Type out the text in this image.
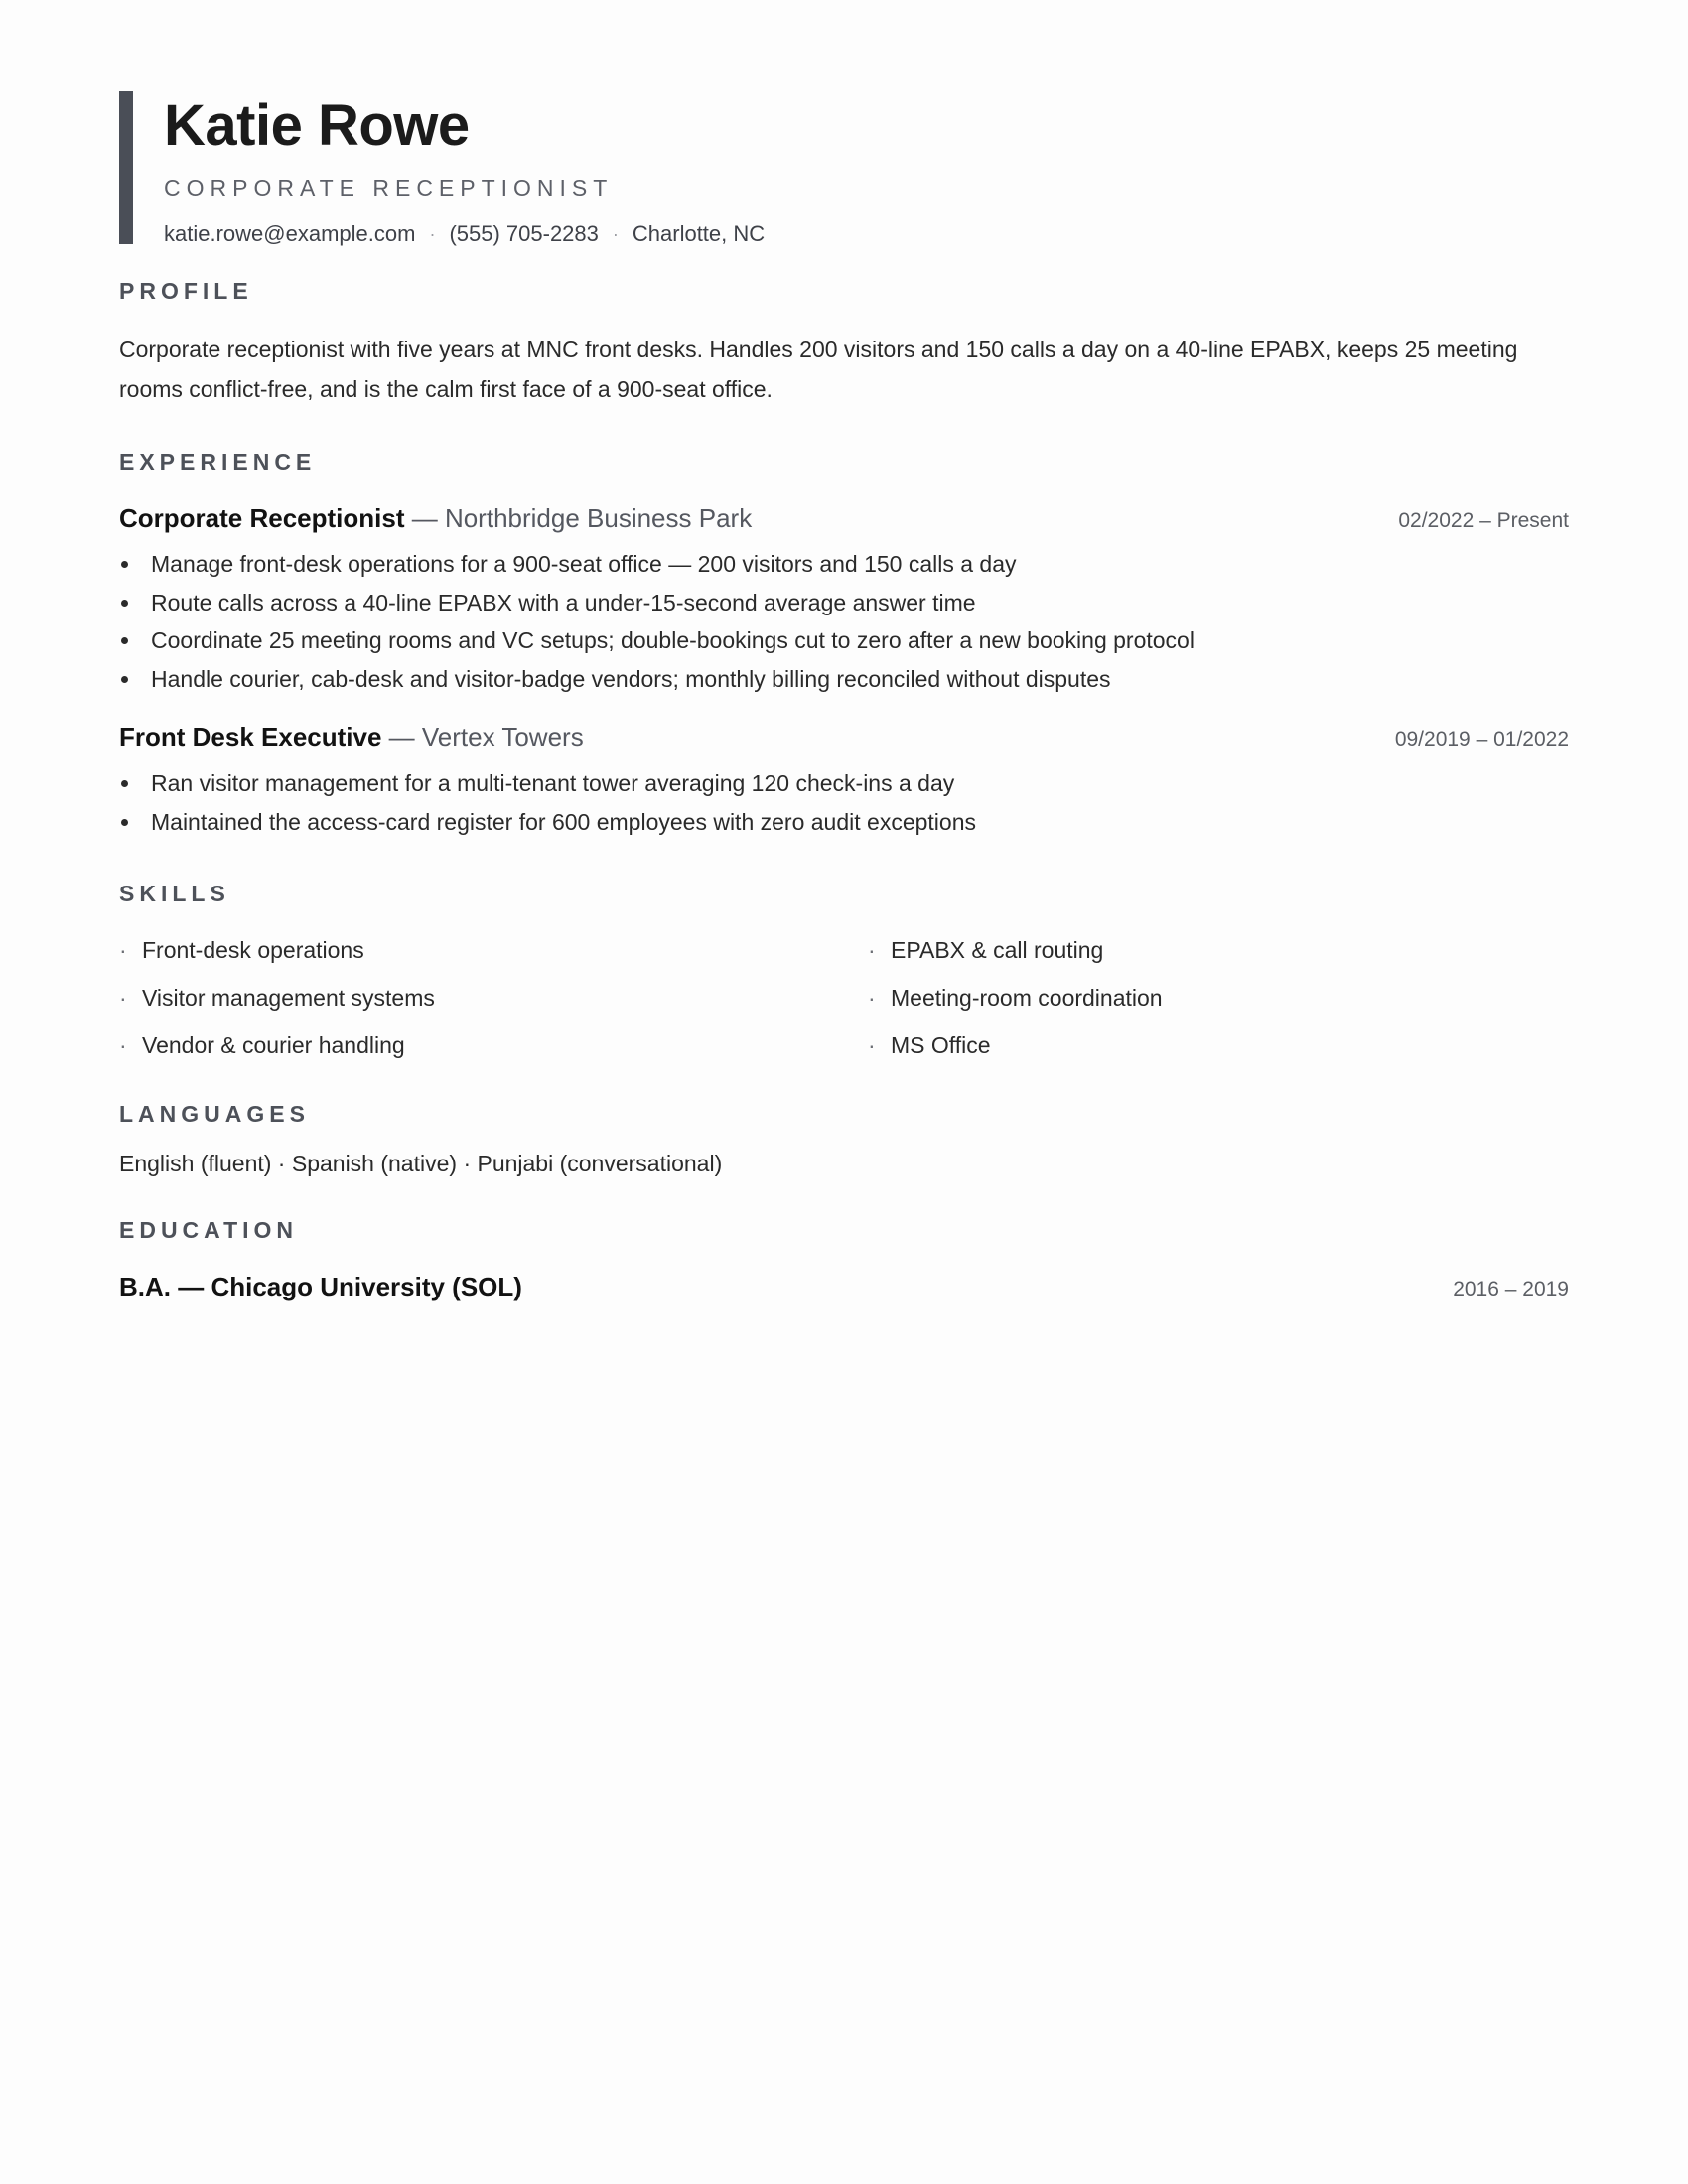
Katie Rowe
CORPORATE RECEPTIONIST
katie.rowe@example.com · (555) 705-2283 · Charlotte, NC
PROFILE

Corporate receptionist with five years at MNC front desks. Handles 200 visitors and 150 calls a day on a 40-line EPABX, keeps 25 meeting rooms conflict-free, and is the calm first face of a 900-seat office.

EXPERIENCE
Corporate Receptionist — Northbridge Business Park	02/2022 – Present
Manage front-desk operations for a 900-seat office — 200 visitors and 150 calls a day
Route calls across a 40-line EPABX with a under-15-second average answer time
Coordinate 25 meeting rooms and VC setups; double-bookings cut to zero after a new booking protocol
Handle courier, cab-desk and visitor-badge vendors; monthly billing reconciled without disputes
Front Desk Executive — Vertex Towers	09/2019 – 01/2022
Ran visitor management for a multi-tenant tower averaging 120 check-ins a day
Maintained the access-card register for 600 employees with zero audit exceptions
SKILLS
· Front-desk operations	· EPABX & call routing
· Visitor management systems	· Meeting-room coordination
· Vendor & courier handling	· MS Office
LANGUAGES
English (fluent) · Spanish (native) · Punjabi (conversational)
EDUCATION
B.A. — Chicago University (SOL)	2016 – 2019
